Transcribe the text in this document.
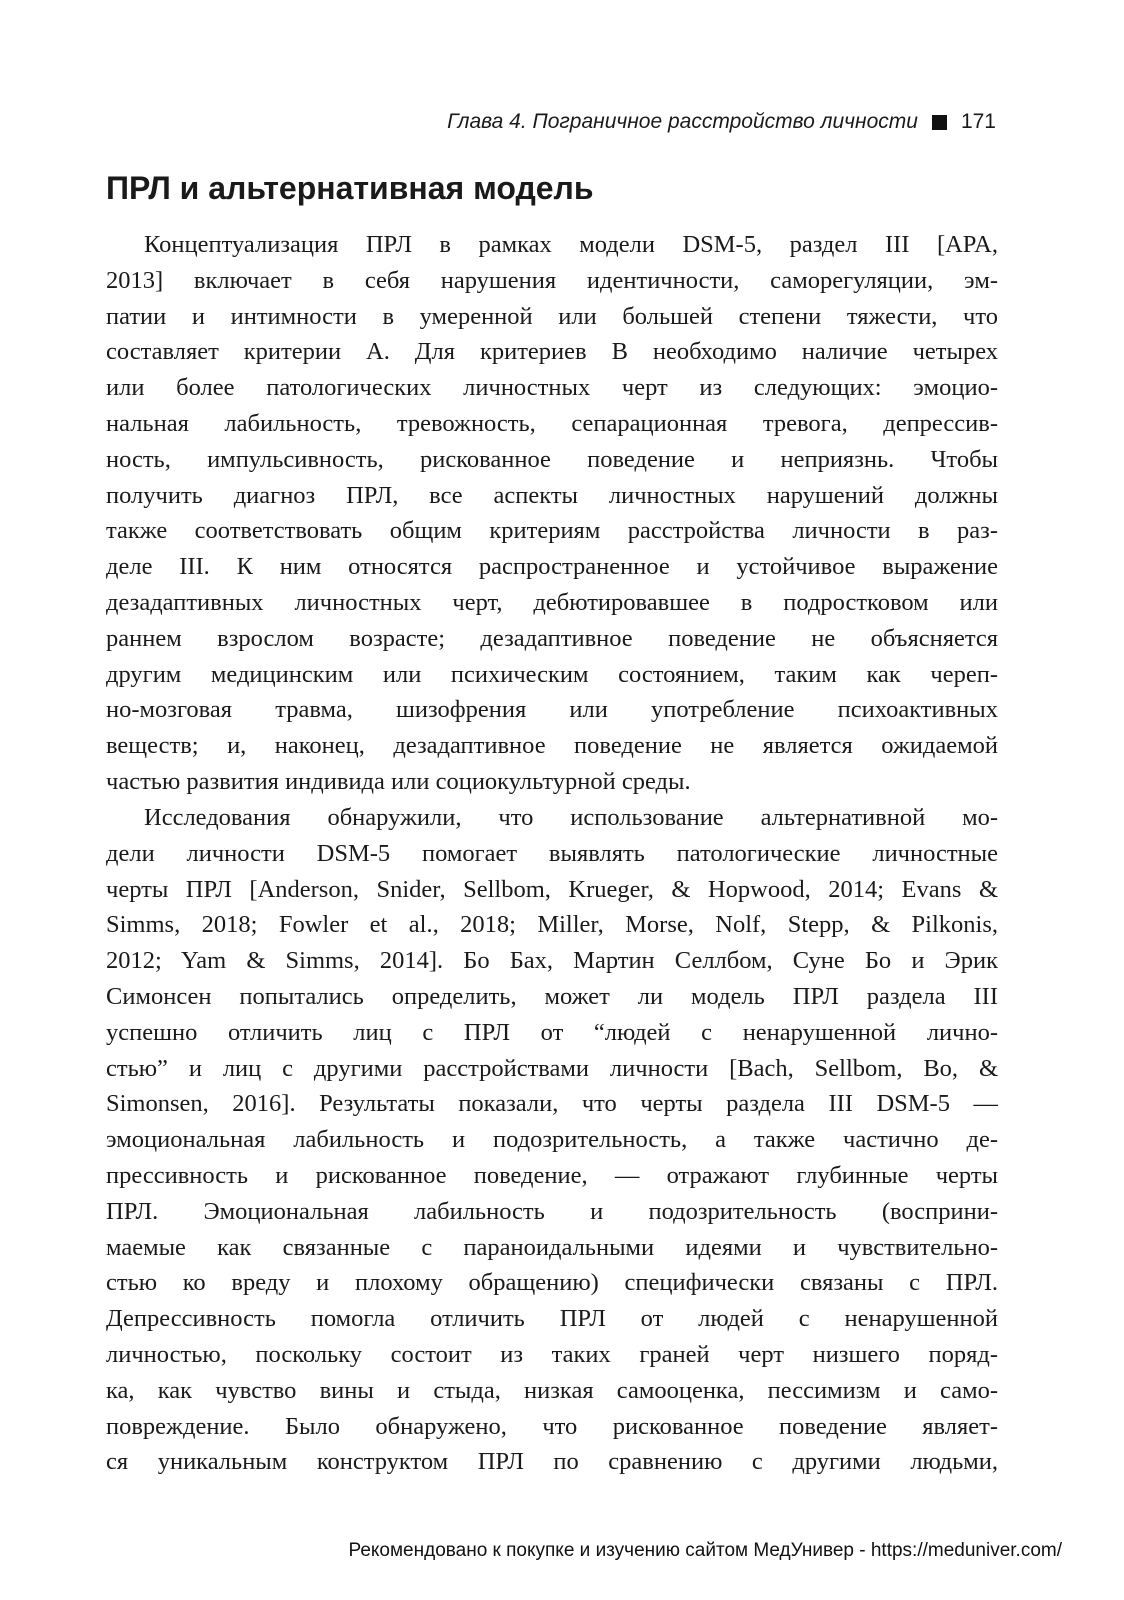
Глава 4. Пограничное расстройство личности 171
ПРЛ и альтернативная модель
Концептуализация ПРЛ в рамках модели DSM-5, раздел III [APA,
2013] включает в себя нарушения идентичности, саморегуляции, эм-
патии и интимности в умеренной или большей степени тяжести, что
составляет критерии А. Для критериев В необходимо наличие четырех
или более патологических личностных черт из следующих: эмоцио-
нальная лабильность, тревожность, сепарационная тревога, депрессив-
ность, импульсивность, рискованное поведение и неприязнь. Чтобы
получить диагноз ПРЛ, все аспекты личностных нарушений должны
также соответствовать общим критериям расстройства личности в раз-
деле III. К ним относятся распространенное и устойчивое выражение
дезадаптивных личностных черт, дебютировавшее в подростковом или
раннем взрослом возрасте; дезадаптивное поведение не объясняется
другим медицинским или психическим состоянием, таким как череп-
но-мозговая травма, шизофрения или употребление психоактивных
веществ; и, наконец, дезадаптивное поведение не является ожидаемой
частью развития индивида или социокультурной среды.
Исследования обнаружили, что использование альтернативной мо-
дели личности DSM-5 помогает выявлять патологические личностные
черты ПРЛ [Anderson, Snider, Sellbom, Krueger, & Hopwood, 2014; Evans &
Simms, 2018; Fowler et al., 2018; Miller, Morse, Nolf, Stepp, & Pilkonis,
2012; Yam & Simms, 2014]. Бо Бах, Мартин Селлбом, Суне Бо и Эрик
Симонсен попытались определить, может ли модель ПРЛ раздела III
успешно отличить лиц с ПРЛ от “людей с ненарушенной лично-
стью” и лиц с другими расстройствами личности [Bach, Sellbom, Bo, &
Simonsen, 2016]. Результаты показали, что черты раздела III DSM-5 —
эмоциональная лабильность и подозрительность, а также частично де-
прессивность и рискованное поведение, — отражают глубинные черты
ПРЛ. Эмоциональная лабильность и подозрительность (восприни-
маемые как связанные с параноидальными идеями и чувствительно-
стью ко вреду и плохому обращению) специфически связаны с ПРЛ.
Депрессивность помогла отличить ПРЛ от людей с ненарушенной
личностью, поскольку состоит из таких граней черт низшего поряд-
ка, как чувство вины и стыда, низкая самооценка, пессимизм и само-
повреждение. Было обнаружено, что рискованное поведение являет-
ся уникальным конструктом ПРЛ по сравнению с другими людьми,
Рекомендовано к покупке и изучению сайтом МедУнивер - https://meduniver.com/
